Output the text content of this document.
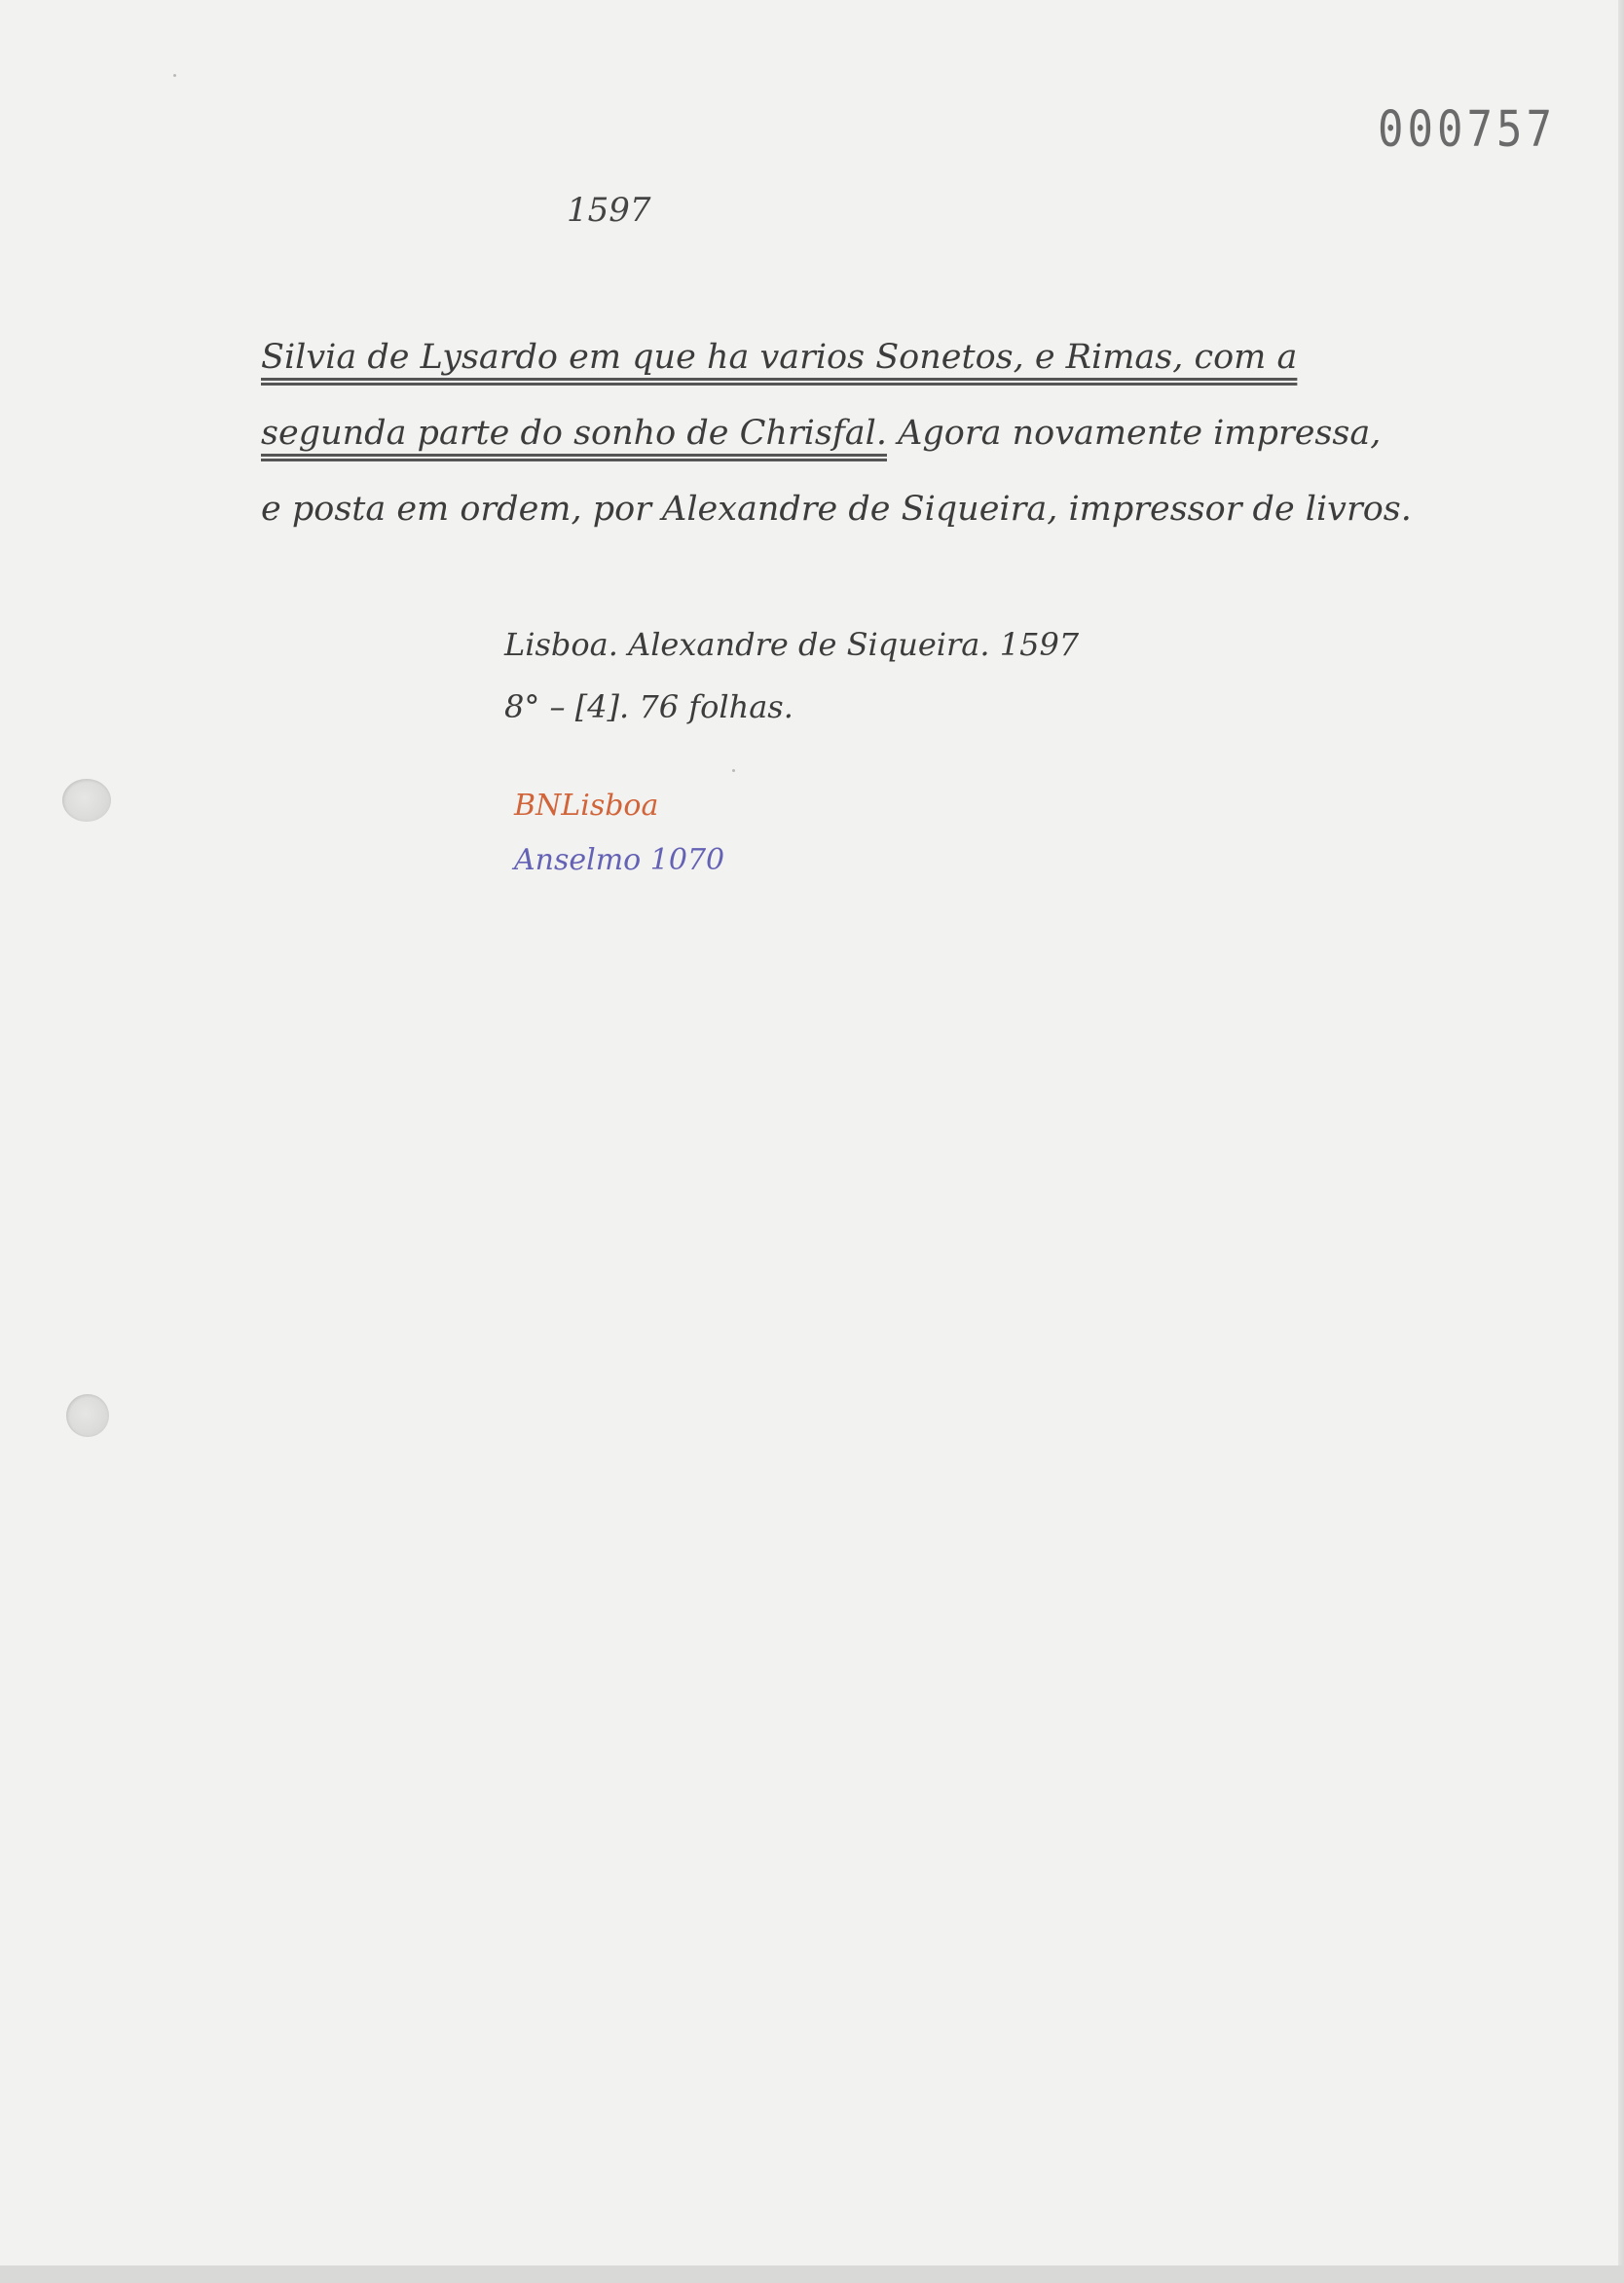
000757
1597

Silvia de Lysardo em que ha varios Sonetos, e Rimas, com a

segunda parte do sonho de Chrisfal. Agora novamente impressa,

e posta em ordem, por Alexandre de Siqueira, impressor de livros.

Lisboa. Alexandre de Siqueira. 1597

8° – [4]. 76 folhas.

BNLisboa

Anselmo 1070
